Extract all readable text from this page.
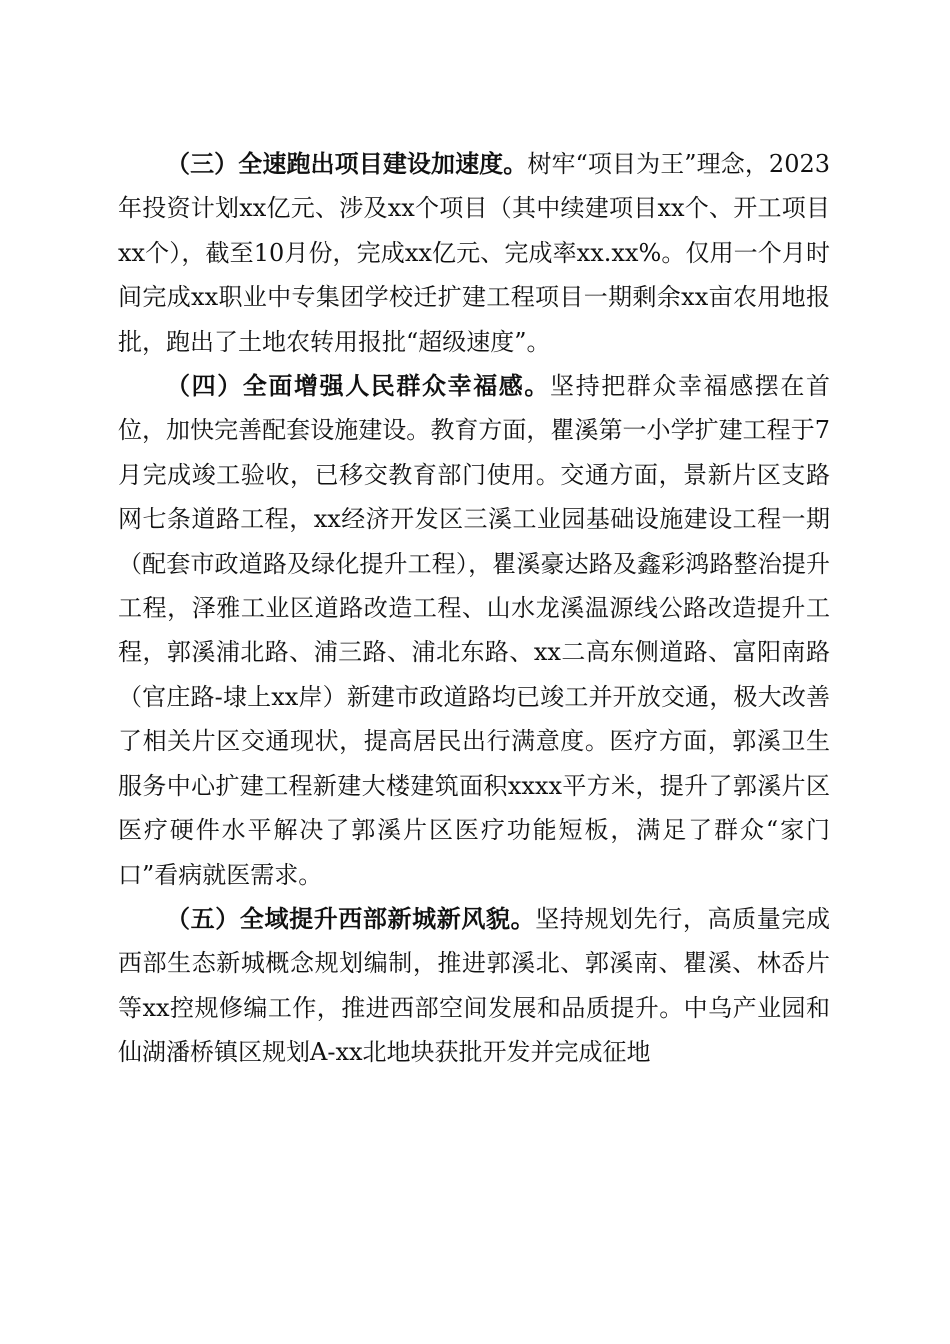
（三）全速跑出项目建设加速度。树牢“项目为王”理念，2023年投资计划xx亿元、涉及xx个项目（其中续建项目xx个、开工项目xx个），截至10月份，完成xx亿元、完成率xx.xx%。仅用一个月时间完成xx职业中专集团学校迁扩建工程项目一期剩余xx亩农用地报批，跑出了土地农转用报批“超级速度”。

（四）全面增强人民群众幸福感。坚持把群众幸福感摆在首位，加快完善配套设施建设。教育方面，瞿溪第一小学扩建工程于7月完成竣工验收，已移交教育部门使用。交通方面，景新片区支路网七条道路工程，xx经济开发区三溪工业园基础设施建设工程一期（配套市政道路及绿化提升工程），瞿溪豪达路及鑫彩鸿路整治提升工程，泽雅工业区道路改造工程、山水龙溪温源线公路改造提升工程，郭溪浦北路、浦三路、浦北东路、xx二高东侧道路、富阳南路（官庄路-埭上xx岸）新建市政道路均已竣工并开放交通，极大改善了相关片区交通现状，提高居民出行满意度。医疗方面，郭溪卫生服务中心扩建工程新建大楼建筑面积xxxx平方米，提升了郭溪片区医疗硬件水平解决了郭溪片区医疗功能短板，满足了群众“家门口”看病就医需求。

（五）全域提升西部新城新风貌。坚持规划先行，高质量完成西部生态新城概念规划编制，推进郭溪北、郭溪南、瞿溪、林岙片等xx控规修编工作，推进西部空间发展和品质提升。中乌产业园和仙湖潘桥镇区规划A-xx北地块获批开发并完成征地
